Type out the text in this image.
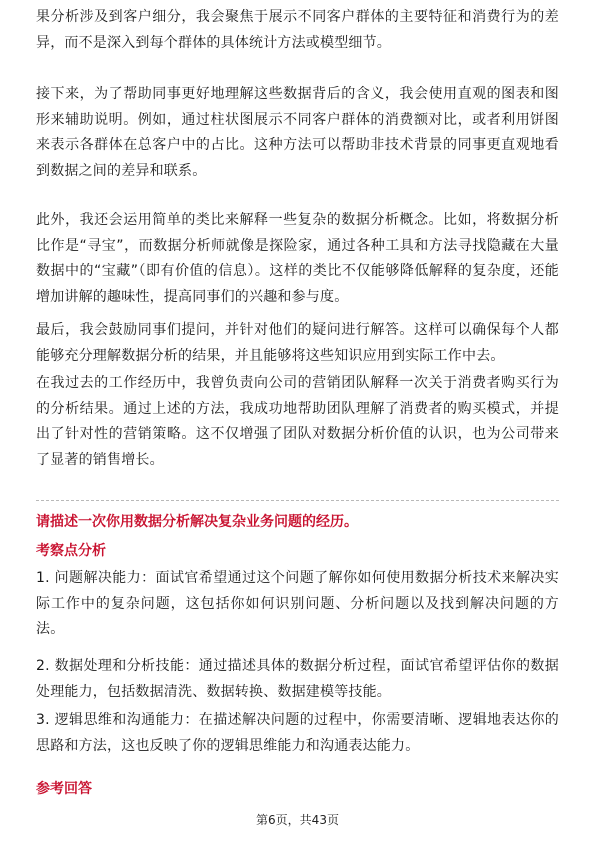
果分析涉及到客户细分，我会聚焦于展示不同客户群体的主要特征和消费行为的差异，而不是深入到每个群体的具体统计方法或模型细节。

接下来，为了帮助同事更好地理解这些数据背后的含义，我会使用直观的图表和图形来辅助说明。例如，通过柱状图展示不同客户群体的消费额对比，或者利用饼图来表示各群体在总客户中的占比。这种方法可以帮助非技术背景的同事更直观地看到数据之间的差异和联系。

此外，我还会运用简单的类比来解释一些复杂的数据分析概念。比如，将数据分析比作是“寻宝”，而数据分析师就像是探险家，通过各种工具和方法寻找隐藏在大量数据中的“宝藏”（即有价值的信息）。这样的类比不仅能够降低解释的复杂度，还能增加讲解的趣味性，提高同事们的兴趣和参与度。

最后，我会鼓励同事们提问，并针对他们的疑问进行解答。这样可以确保每个人都能够充分理解数据分析的结果，并且能够将这些知识应用到实际工作中去。

在我过去的工作经历中，我曾负责向公司的营销团队解释一次关于消费者购买行为的分析结果。通过上述的方法，我成功地帮助团队理解了消费者的购买模式，并提出了针对性的营销策略。这不仅增强了团队对数据分析价值的认识，也为公司带来了显著的销售增长。

请描述一次你用数据分析解决复杂业务问题的经历。

考察点分析

1. 问题解决能力：面试官希望通过这个问题了解你如何使用数据分析技术来解决实际工作中的复杂问题，这包括你如何识别问题、分析问题以及找到解决问题的方法。

2. 数据处理和分析技能：通过描述具体的数据分析过程，面试官希望评估你的数据处理能力，包括数据清洗、数据转换、数据建模等技能。

3. 逻辑思维和沟通能力：在描述解决问题的过程中，你需要清晰、逻辑地表达你的思路和方法，这也反映了你的逻辑思维能力和沟通表达能力。

参考回答

第6页，共43页
